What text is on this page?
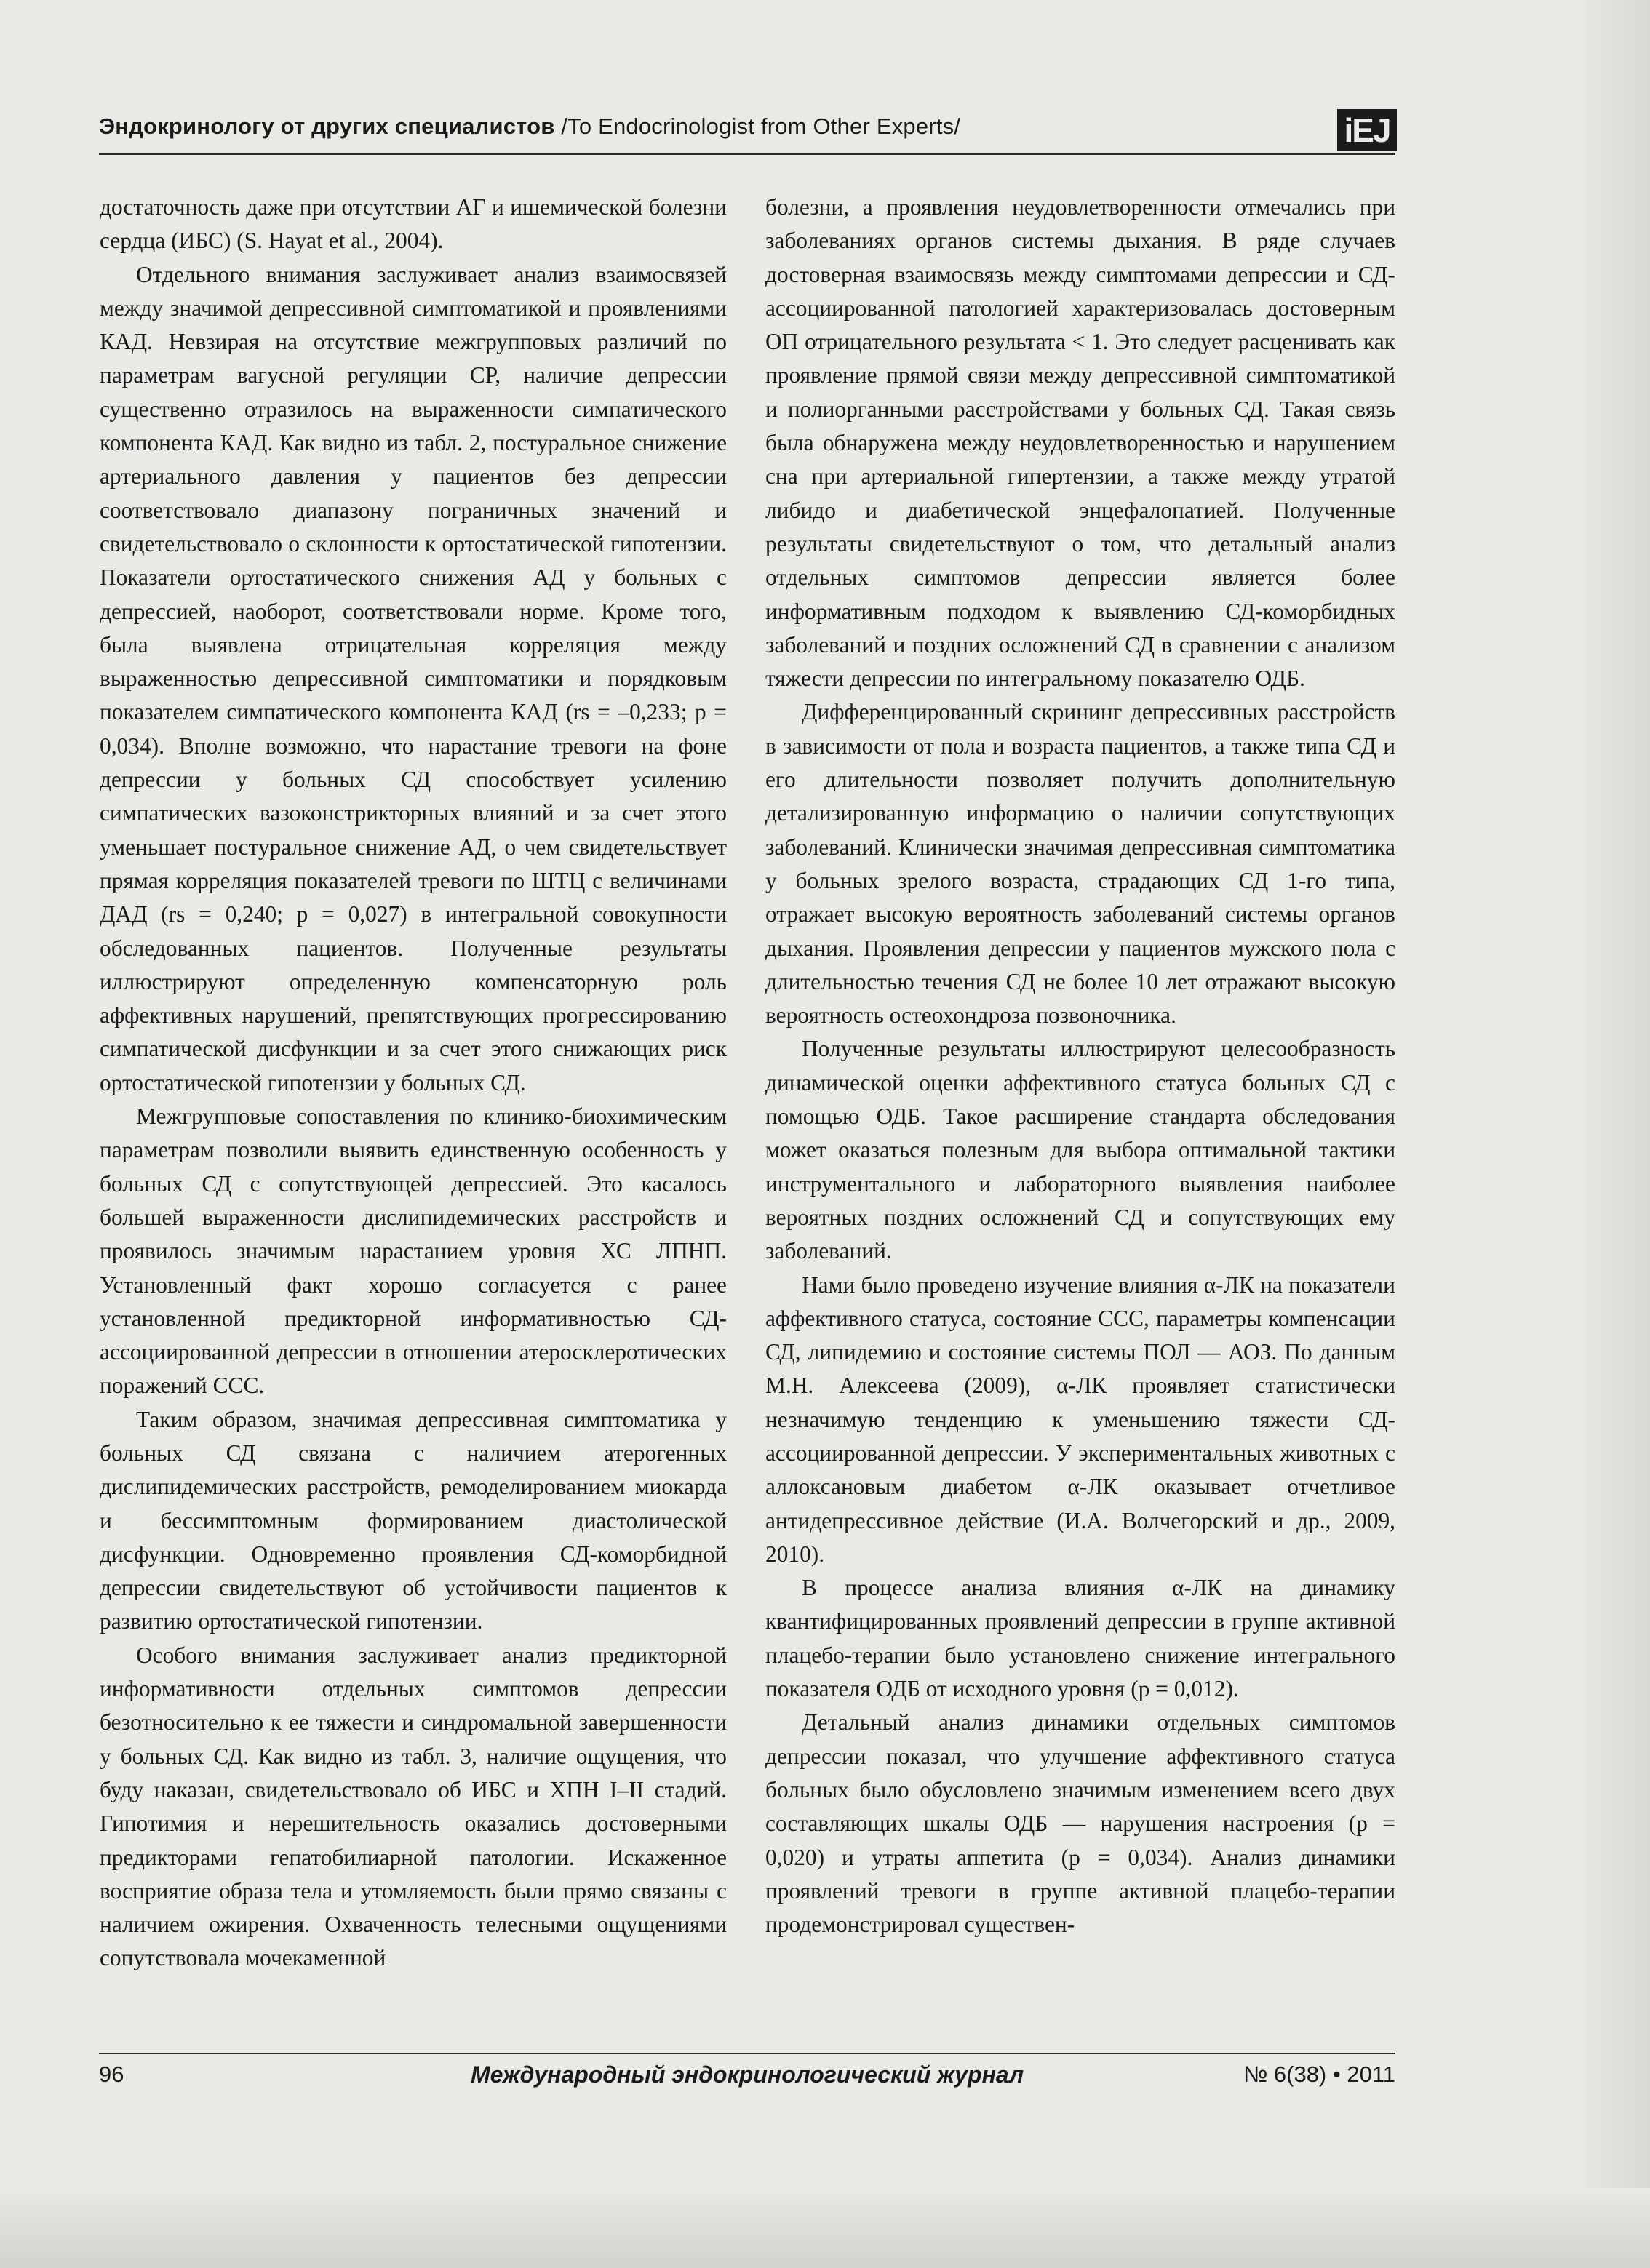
Эндокринологу от других специалистов /To Endocrinologist from Other Experts/	iEJ

достаточность даже при отсутствии АГ и ишемической болезни сердца (ИБС) (S. Hayat et al., 2004).

Отдельного внимания заслуживает анализ взаимосвязей между значимой депрессивной симптоматикой и проявлениями КАД. Невзирая на отсутствие межгрупповых различий по параметрам вагусной регуляции СР, наличие депрессии существенно отразилось на выраженности симпатического компонента КАД. Как видно из табл. 2, постуральное снижение артериального давления у пациентов без депрессии соответствовало диапазону пограничных значений и свидетельствовало о склонности к ортостатической гипотензии. Показатели ортостатического снижения АД у больных с депрессией, наоборот, соответствовали норме. Кроме того, была выявлена отрицательная корреляция между выраженностью депрессивной симптоматики и порядковым показателем симпатического компонента КАД (rs = –0,233; p = 0,034). Вполне возможно, что нарастание тревоги на фоне депрессии у больных СД способствует усилению симпатических вазоконстрикторных влияний и за счет этого уменьшает постуральное снижение АД, о чем свидетельствует прямая корреляция показателей тревоги по ШТЦ с величинами ДАД (rs = 0,240; p = 0,027) в интегральной совокупности обследованных пациентов. Полученные результаты иллюстрируют определенную компенсаторную роль аффективных нарушений, препятствующих прогрессированию симпатической дисфункции и за счет этого снижающих риск ортостатической гипотензии у больных СД.

Межгрупповые сопоставления по клинико-биохимическим параметрам позволили выявить единственную особенность у больных СД с сопутствующей депрессией. Это касалось большей выраженности дислипидемических расстройств и проявилось значимым нарастанием уровня ХС ЛПНП. Установленный факт хорошо согласуется с ранее установленной предикторной информативностью СД-ассоциированной депрессии в отношении атеросклеротических поражений ССС.

Таким образом, значимая депрессивная симптоматика у больных СД связана с наличием атерогенных дислипидемических расстройств, ремоделированием миокарда и бессимптомным формированием диастолической дисфункции. Одновременно проявления СД-коморбидной депрессии свидетельствуют об устойчивости пациентов к развитию ортостатической гипотензии.

Особого внимания заслуживает анализ предикторной информативности отдельных симптомов депрессии безотносительно к ее тяжести и синдромальной завершенности у больных СД. Как видно из табл. 3, наличие ощущения, что буду наказан, свидетельствовало об ИБС и ХПН I–II стадий. Гипотимия и нерешительность оказались достоверными предикторами гепатобилиарной патологии. Искаженное восприятие образа тела и утомляемость были прямо связаны с наличием ожирения. Охваченность телесными ощущениями сопутствовала мочекаменной

болезни, а проявления неудовлетворенности отмечались при заболеваниях органов системы дыхания. В ряде случаев достоверная взаимосвязь между симптомами депрессии и СД-ассоциированной патологией характеризовалась достоверным ОП отрицательного результата < 1. Это следует расценивать как проявление прямой связи между депрессивной симптоматикой и полиорганными расстройствами у больных СД. Такая связь была обнаружена между неудовлетворенностью и нарушением сна при артериальной гипертензии, а также между утратой либидо и диабетической энцефалопатией. Полученные результаты свидетельствуют о том, что детальный анализ отдельных симптомов депрессии является более информативным подходом к выявлению СД-коморбидных заболеваний и поздних осложнений СД в сравнении с анализом тяжести депрессии по интегральному показателю ОДБ.

Дифференцированный скрининг депрессивных расстройств в зависимости от пола и возраста пациентов, а также типа СД и его длительности позволяет получить дополнительную детализированную информацию о наличии сопутствующих заболеваний. Клинически значимая депрессивная симптоматика у больных зрелого возраста, страдающих СД 1-го типа, отражает высокую вероятность заболеваний системы органов дыхания. Проявления депрессии у пациентов мужского пола с длительностью течения СД не более 10 лет отражают высокую вероятность остеохондроза позвоночника.

Полученные результаты иллюстрируют целесообразность динамической оценки аффективного статуса больных СД с помощью ОДБ. Такое расширение стандарта обследования может оказаться полезным для выбора оптимальной тактики инструментального и лабораторного выявления наиболее вероятных поздних осложнений СД и сопутствующих ему заболеваний.

Нами было проведено изучение влияния α-ЛК на показатели аффективного статуса, состояние ССС, параметры компенсации СД, липидемию и состояние системы ПОЛ — АОЗ. По данным М.Н. Алексеева (2009), α-ЛК проявляет статистически незначимую тенденцию к уменьшению тяжести СД-ассоциированной депрессии. У экспериментальных животных с аллоксановым диабетом α-ЛК оказывает отчетливое антидепрессивное действие (И.А. Волчегорский и др., 2009, 2010).

В процессе анализа влияния α-ЛК на динамику квантифицированных проявлений депрессии в группе активной плацебо-терапии было установлено снижение интегрального показателя ОДБ от исходного уровня (p = 0,012).

Детальный анализ динамики отдельных симптомов депрессии показал, что улучшение аффективного статуса больных было обусловлено значимым изменением всего двух составляющих шкалы ОДБ — нарушения настроения (p = 0,020) и утраты аппетита (p = 0,034). Анализ динамики проявлений тревоги в группе активной плацебо-терапии продемонстрировал существен-

96	Международный эндокринологический журнал	№ 6(38) • 2011
